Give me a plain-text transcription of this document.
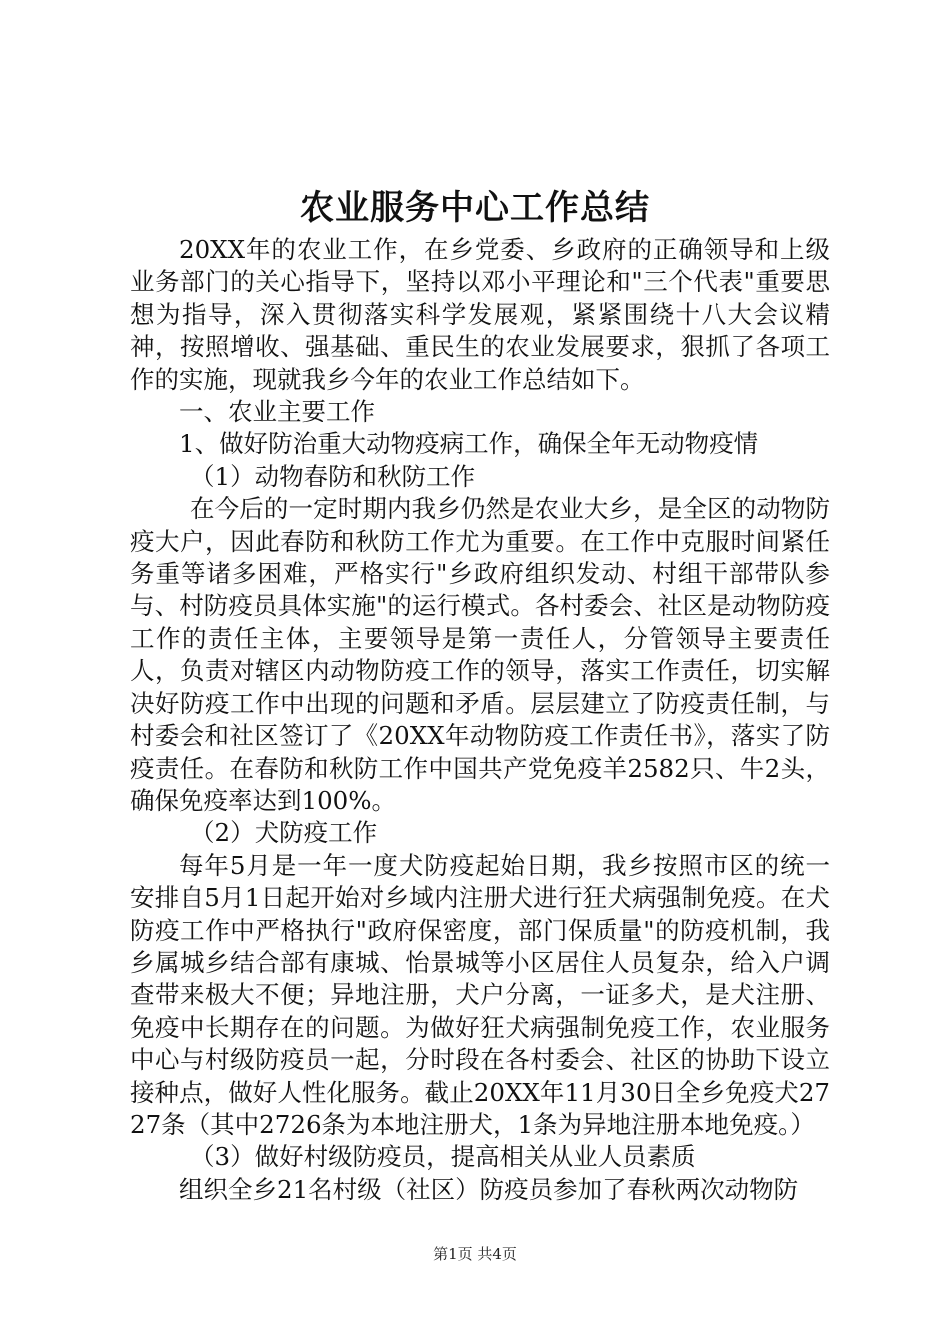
农业服务中心工作总结

20XX年的农业工作，在乡党委、乡政府的正确领导和上级业务部门的关心指导下，坚持以邓小平理论和"三个代表"重要思想为指导，深入贯彻落实科学发展观，紧紧围绕十八大会议精神，按照增收、强基础、重民生的农业发展要求，狠抓了各项工作的实施，现就我乡今年的农业工作总结如下。

一、农业主要工作

1、做好防治重大动物疫病工作，确保全年无动物疫情

（1）动物春防和秋防工作

在今后的一定时期内我乡仍然是农业大乡，是全区的动物防疫大户，因此春防和秋防工作尤为重要。在工作中克服时间紧任务重等诸多困难，严格实行"乡政府组织发动、村组干部带队参与、村防疫员具体实施"的运行模式。各村委会、社区是动物防疫工作的责任主体，主要领导是第一责任人，分管领导主要责任人，负责对辖区内动物防疫工作的领导，落实工作责任，切实解决好防疫工作中出现的问题和矛盾。层层建立了防疫责任制，与村委会和社区签订了《20XX年动物防疫工作责任书》，落实了防疫责任。在春防和秋防工作中国共产党免疫羊2582只、牛2头，确保免疫率达到100%。

（2）犬防疫工作

每年5月是一年一度犬防疫起始日期，我乡按照市区的统一安排自5月1日起开始对乡域内注册犬进行狂犬病强制免疫。在犬防疫工作中严格执行"政府保密度，部门保质量"的防疫机制，我乡属城乡结合部有康城、怡景城等小区居住人员复杂，给入户调查带来极大不便；异地注册，犬户分离，一证多犬，是犬注册、免疫中长期存在的问题。为做好狂犬病强制免疫工作，农业服务中心与村级防疫员一起，分时段在各村委会、社区的协助下设立接种点，做好人性化服务。截止20XX年11月30日全乡免疫犬2727条（其中2726条为本地注册犬，1条为异地注册本地免疫。）

（3）做好村级防疫员，提高相关从业人员素质

组织全乡21名村级（社区）防疫员参加了春秋两次动物防

第1页 共4页
